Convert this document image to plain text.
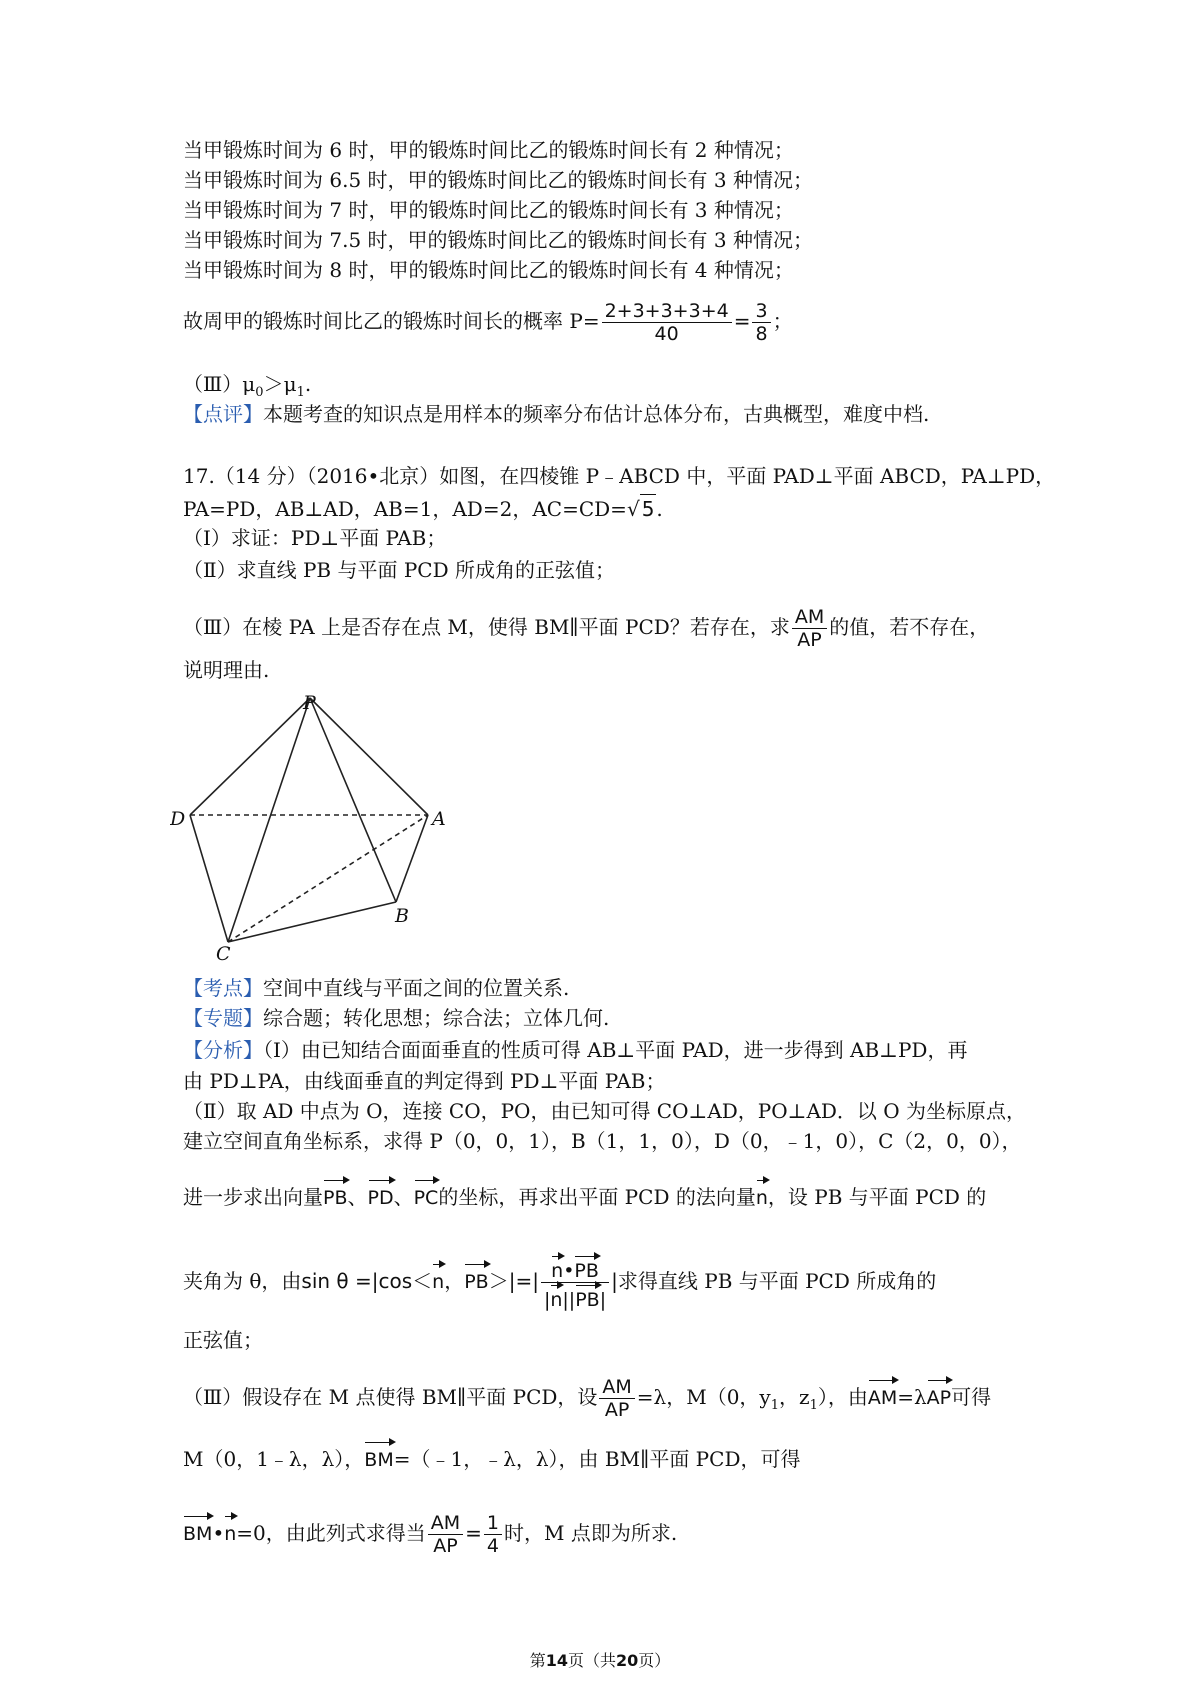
当甲锻炼时间为 6 时，甲的锻炼时间比乙的锻炼时间长有 2 种情况；
当甲锻炼时间为 6.5 时，甲的锻炼时间比乙的锻炼时间长有 3 种情况；
当甲锻炼时间为 7 时，甲的锻炼时间比乙的锻炼时间长有 3 种情况；
当甲锻炼时间为 7.5 时，甲的锻炼时间比乙的锻炼时间长有 3 种情况；
当甲锻炼时间为 8 时，甲的锻炼时间比乙的锻炼时间长有 4 种情况；
故周甲的锻炼时间比乙的锻炼时间长的概率 $P= \frac{2+3+3+3+4}{40} = \frac{3}{8}$ ；
$(Ⅲ)\mu_0>\mu_1$.
【点评】本题考查的知识点是用样本的频率分布估计总体分布，古典概型，难度中档.
17.（14 分）（2016•北京）如图，在四棱锥 P﹣ABCD 中，平面 PAD⊥平面 ABCD，PA⊥PD，
PA=PD，AB⊥AD，AB=1，AD=2，AC=CD=√ 5 .
（Ⅰ）求证：PD⊥平面 PAB；
（Ⅱ）求直线 PB 与平面 PCD 所成角的正弦值；
（Ⅲ）在棱 PA 上是否存在点 M，使得 BM∥平面 PCD？若存在，求 $\frac{AM}{AP}$ 的值，若不存在，
说明理由.
P
D	A
B
C
【考点】空间中直线与平面之间的位置关系.
【专题】综合题；转化思想；综合法；立体几何.
【分析】（Ⅰ）由已知结合面面垂直的性质可得 AB⊥平面 PAD，进一步得到 AB⊥PD，再
由 PD⊥PA，由线面垂直的判定得到 PD⊥平面 PAB；
（Ⅱ）取 AD 中点为 O，连接 CO，PO，由已知可得 CO⊥AD，PO⊥AD．以 O 为坐标原点，
建立空间直角坐标系，求得 P（0，0，1），B（1，1，0），D（0，﹣1，0），C（2，0，0），
进一步求出向量PB、PD、PC的坐标，再求出平面 PCD 的法向量n，设 PB 与平面 PCD 的
夹角为 θ，由sin θ =|cos＜n，$PB>|=| \frac{n•PB}{|n||PB|}$ |求得直线 PB 与平面 PCD 所成角的
正弦值；
（Ⅲ）假设存在 M 点使得 BM∥平面 PCD，设 $\frac{AM}{AP} =\lambda$，M（0，$y_1$，$z_1$），由AM=λAP可得
M（0，1﹣λ，λ），BM=（﹣1，﹣λ，λ），由 BM∥平面 PCD，可得
BM•n=0，由此列式求得当 $\frac{AM}{AP} = \frac{1}{4}$ 时，M 点即为所求.
第14页（共20页）
